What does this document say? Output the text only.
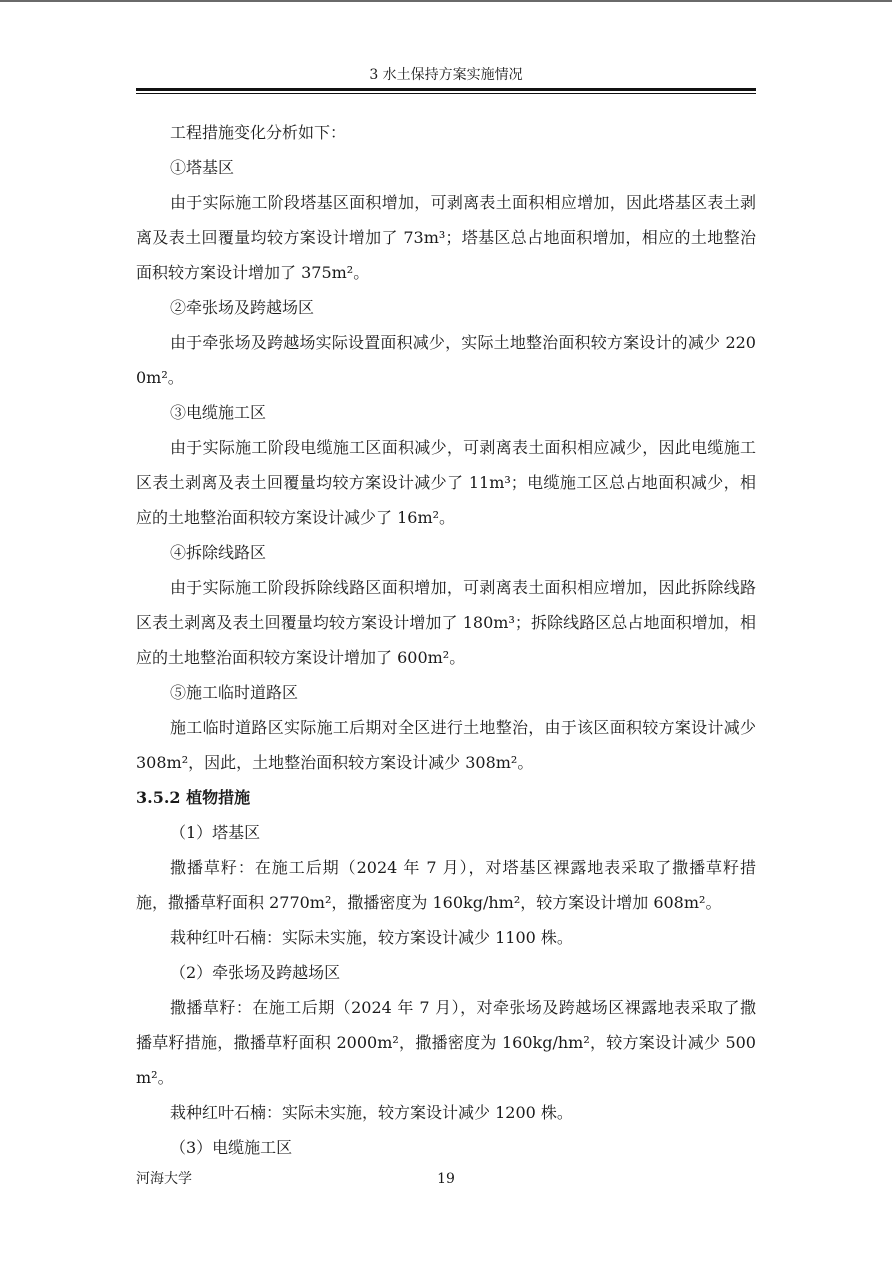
3 水土保持方案实施情况

工程措施变化分析如下：

①塔基区

由于实际施工阶段塔基区面积增加，可剥离表土面积相应增加，因此塔基区表土剥离及表土回覆量均较方案设计增加了 73m³；塔基区总占地面积增加，相应的土地整治面积较方案设计增加了 375m²。

②牵张场及跨越场区

由于牵张场及跨越场实际设置面积减少，实际土地整治面积较方案设计的减少 2200m²。

③电缆施工区

由于实际施工阶段电缆施工区面积减少，可剥离表土面积相应减少，因此电缆施工区表土剥离及表土回覆量均较方案设计减少了 11m³；电缆施工区总占地面积减少，相应的土地整治面积较方案设计减少了 16m²。

④拆除线路区

由于实际施工阶段拆除线路区面积增加，可剥离表土面积相应增加，因此拆除线路区表土剥离及表土回覆量均较方案设计增加了 180m³；拆除线路区总占地面积增加，相应的土地整治面积较方案设计增加了 600m²。

⑤施工临时道路区

施工临时道路区实际施工后期对全区进行土地整治，由于该区面积较方案设计减少 308m²，因此，土地整治面积较方案设计减少 308m²。

3.5.2 植物措施

（1）塔基区

撒播草籽：在施工后期（2024 年 7 月），对塔基区裸露地表采取了撒播草籽措施，撒播草籽面积 2770m²，撒播密度为 160kg/hm²，较方案设计增加 608m²。

栽种红叶石楠：实际未实施，较方案设计减少 1100 株。

（2）牵张场及跨越场区

撒播草籽：在施工后期（2024 年 7 月），对牵张场及跨越场区裸露地表采取了撒播草籽措施，撒播草籽面积 2000m²，撒播密度为 160kg/hm²，较方案设计减少 500m²。

栽种红叶石楠：实际未实施，较方案设计减少 1200 株。

（3）电缆施工区

河海大学	19
